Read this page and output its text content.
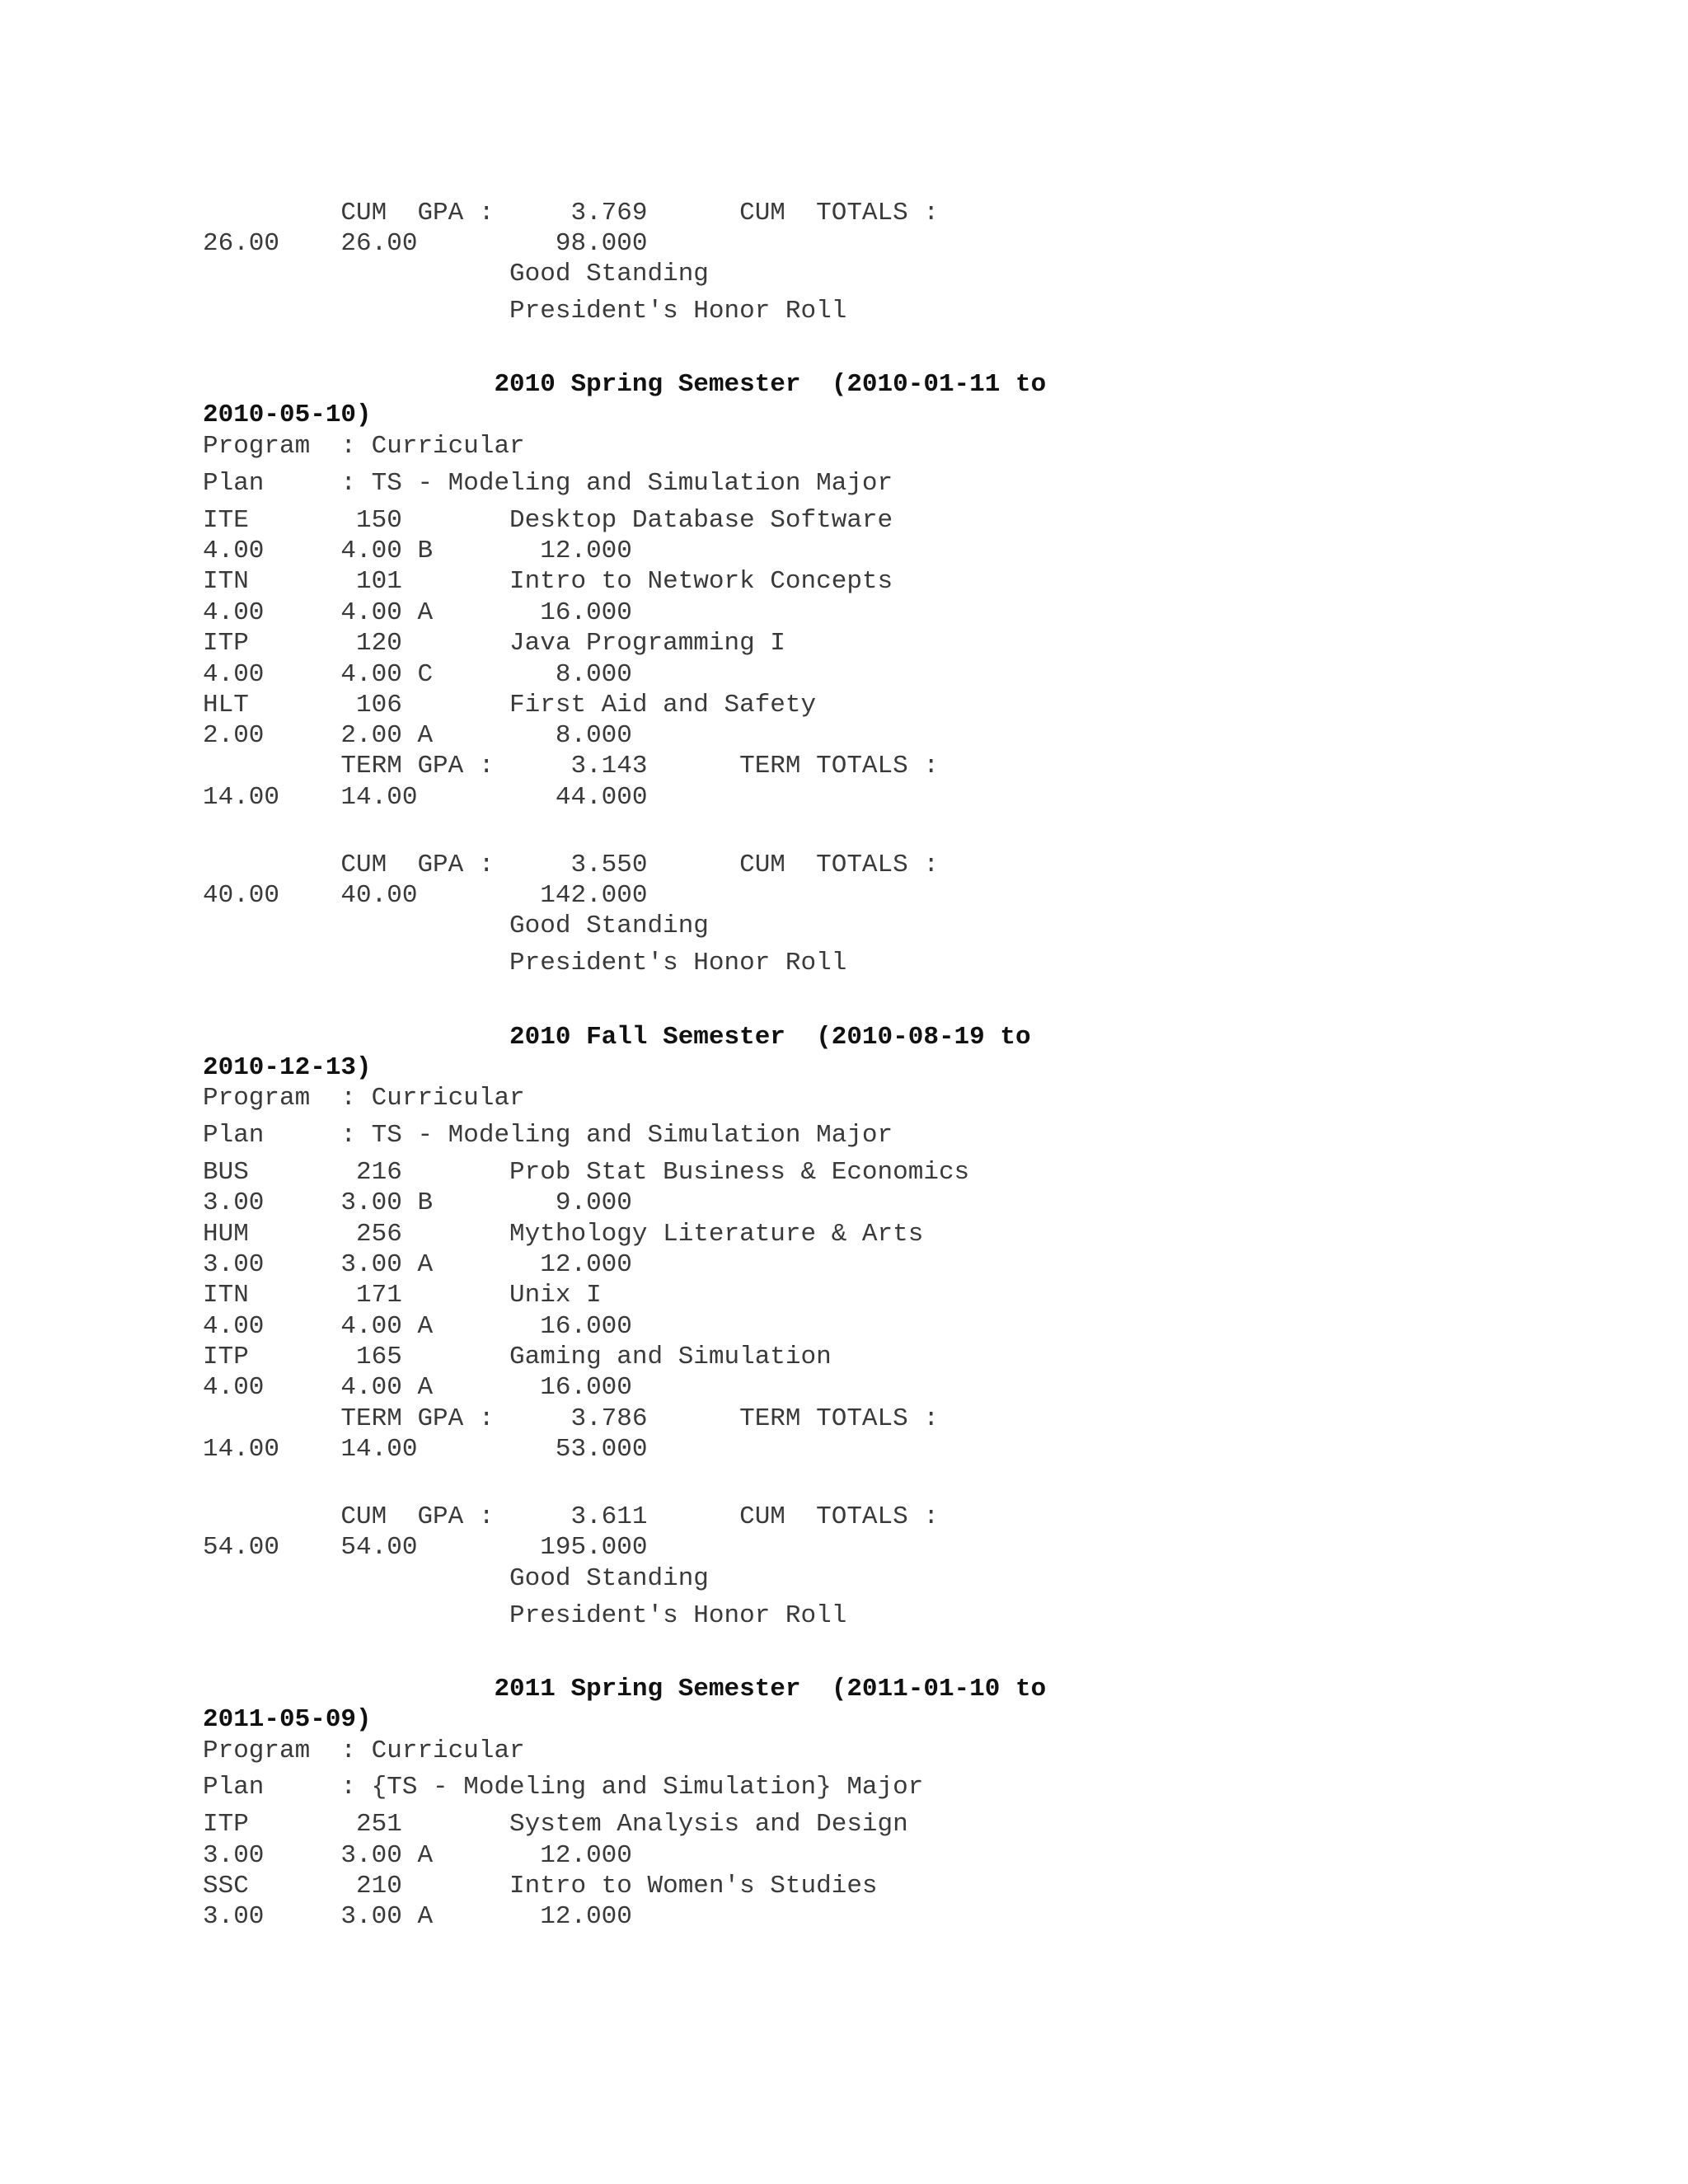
CUM  GPA :     3.769      CUM  TOTALS :
26.00    26.00         98.000
Good Standing
President's Honor Roll
2010 Spring Semester  (2010-01-11 to
2010-05-10)
Program  : Curricular
Plan     : TS - Modeling and Simulation Major
ITE       150       Desktop Database Software
4.00     4.00 B       12.000
ITN       101       Intro to Network Concepts
4.00     4.00 A       16.000
ITP       120       Java Programming I
4.00     4.00 C        8.000
HLT       106       First Aid and Safety
2.00     2.00 A        8.000
TERM GPA :     3.143      TERM TOTALS :
14.00    14.00         44.000
CUM  GPA :     3.550      CUM  TOTALS :
40.00    40.00        142.000
Good Standing
President's Honor Roll
2010 Fall Semester  (2010-08-19 to
2010-12-13)
Program  : Curricular
Plan     : TS - Modeling and Simulation Major
BUS       216       Prob Stat Business & Economics
3.00     3.00 B        9.000
HUM       256       Mythology Literature & Arts
3.00     3.00 A       12.000
ITN       171       Unix I
4.00     4.00 A       16.000
ITP       165       Gaming and Simulation
4.00     4.00 A       16.000
TERM GPA :     3.786      TERM TOTALS :
14.00    14.00         53.000
CUM  GPA :     3.611      CUM  TOTALS :
54.00    54.00        195.000
Good Standing
President's Honor Roll
2011 Spring Semester  (2011-01-10 to
2011-05-09)
Program  : Curricular
Plan     : {TS - Modeling and Simulation} Major
ITP       251       System Analysis and Design
3.00     3.00 A       12.000
SSC       210       Intro to Women's Studies
3.00     3.00 A       12.000
